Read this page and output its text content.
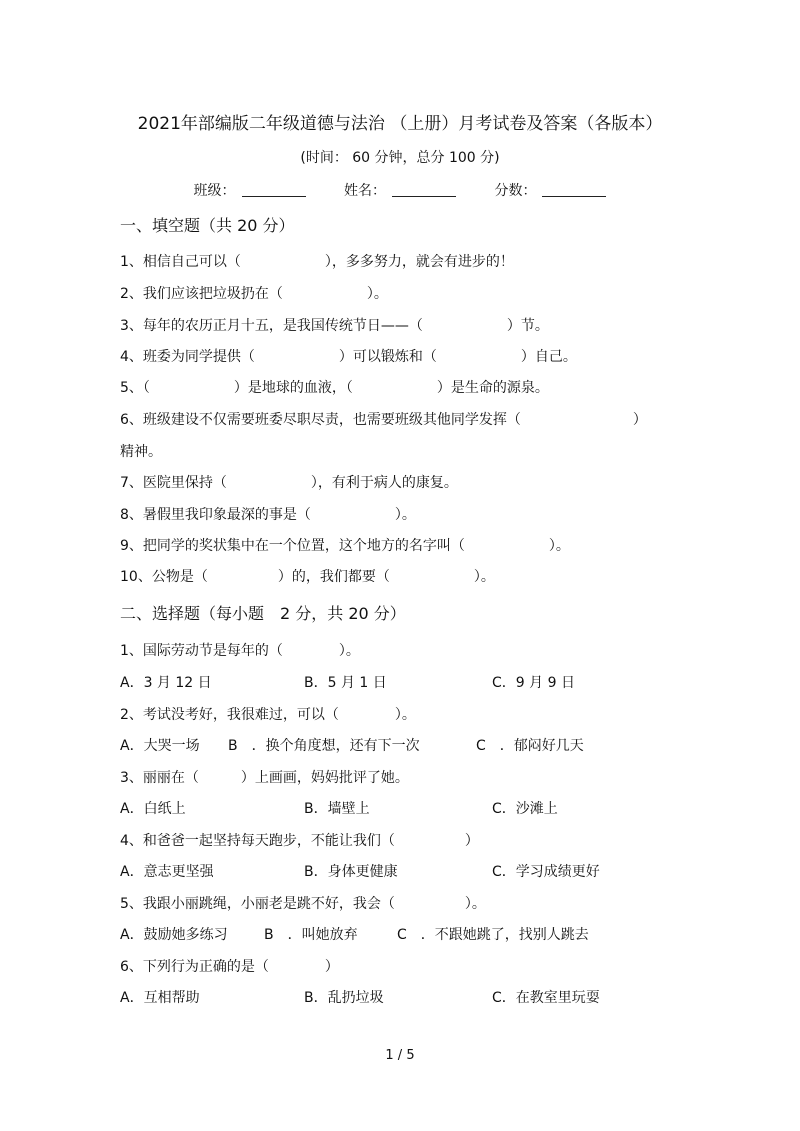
2021年部编版二年级道德与法治 （上册）月考试卷及答案（各版本）
(时间： 60 分钟，总分 100 分)
班级：	姓名：	分数：
一、填空题（共 20 分）
1、相信自己可以（　　　　　　），多多努力，就会有进步的！
2、我们应该把垃圾扔在（　　　　　　）。
3、每年的农历正月十五，是我国传统节日——（　　　　　　）节。
4、班委为同学提供（　　　　　　）可以锻炼和（　　　　　　）自己。
5、（　　　　　　）是地球的血液，（　　　　　　）是生命的源泉。
6、班级建设不仅需要班委尽职尽责，也需要班级其他同学发挥（　　　　　　　　）
精神。
7、医院里保持（　　　　　　），有利于病人的康复。
8、暑假里我印象最深的事是（　　　　　　）。
9、把同学的奖状集中在一个位置，这个地方的名字叫（　　　　　　）。
10、公物是（　　　　　）的，我们都要（　　　　　　）。
二、选择题（每小题　2 分，共 20 分）
1、国际劳动节是每年的（　　　　）。
A．3 月 12 日	B．5 月 1 日	C．9 月 9 日
2、考试没考好，我很难过，可以（　　　　）。
A．大哭一场 B　．换个角度想，还有下一次	C　．郁闷好几天
3、丽丽在（　　　）上画画，妈妈批评了她。
A．白纸上	B．墙壁上	C．沙滩上
4、和爸爸一起坚持每天跑步，不能让我们（　　　　　）
A．意志更坚强	B．身体更健康	C．学习成绩更好
5、我跟小丽跳绳，小丽老是跳不好，我会（　　　　　）。
A．鼓励她多练习	B　．叫她放弃	C　．不跟她跳了，找别人跳去
6、下列行为正确的是（　　　　）
A．互相帮助	B．乱扔垃圾	C．在教室里玩耍
1 / 5
